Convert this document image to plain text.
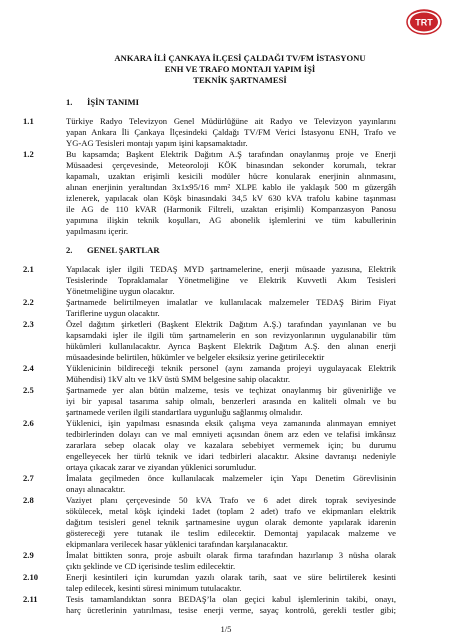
TRT
ANKARA İLİ ÇANKAYA İLÇESİ ÇALDAĞI TV/FM İSTASYONU
ENH VE TRAFO MONTAJI YAPIM İŞİ
TEKNİK ŞARTNAMESİ
1. İŞİN TANIMI
1.1	Türkiye Radyo Televizyon Genel Müdürlüğüne ait Radyo ve Televizyon yayınlarını
yapan Ankara İli Çankaya İlçesindeki Çaldağı TV/FM Verici İstasyonu ENH, Trafo ve
YG-AG Tesisleri montajı yapım işini kapsamaktadır.
1.2	Bu kapsamda; Başkent Elektrik Dağıtım A.Ş tarafından onaylanmış proje ve Enerji
Müsaadesi çerçevesinde, Meteoroloji KÖK binasından sekonder korumalı, tekrar
kapamalı, uzaktan erişimli kesicili modüler hücre konularak enerjinin alınmasını,
alınan enerjinin yeraltından 3x1x95/16 mm² XLPE kablo ile yaklaşık 500 m güzergâh
izlenerek, yapılacak olan Köşk binasındaki 34,5 kV 630 kVA trafolu kabine taşınması
ile AG de 110 kVAR (Harmonik Filtreli, uzaktan erişimli) Kompanzasyon Panosu
yapımına ilişkin teknik koşulları, AG abonelik işlemlerini ve tüm kabullerinin
yapılmasını içerir.
2. GENEL ŞARTLAR
2.1	Yapılacak işler ilgili TEDAŞ MYD şartnamelerine, enerji müsaade yazısına, Elektrik
Tesislerinde Topraklamalar Yönetmeliğine ve Elektrik Kuvvetli Akım Tesisleri
Yönetmeliğine uygun olacaktır.
2.2	Şartnamede belirtilmeyen imalatlar ve kullanılacak malzemeler TEDAŞ Birim Fiyat
Tariflerine uygun olacaktır.
2.3	Özel dağıtım şirketleri (Başkent Elektrik Dağıtım A.Ş.) tarafından yayınlanan ve bu
kapsamdaki işler ile ilgili tüm şartnamelerin en son revizyonlarının uygulanabilir tüm
hükümleri kullanılacaktır. Ayrıca Başkent Elektrik Dağıtım A.Ş. den alınan enerji
müsaadesinde belirtilen, hükümler ve belgeler eksiksiz yerine getirilecektir
2.4	Yüklenicinin bildireceği teknik personel (aynı zamanda projeyi uygulayacak Elektrik
Mühendisi) 1kV altı ve 1kV üstü SMM belgesine sahip olacaktır.
2.5	Şartnamede yer alan bütün malzeme, tesis ve teçhizat onaylanmış bir güvenirliğe ve
iyi bir yapısal tasarıma sahip olmalı, benzerleri arasında en kaliteli olmalı ve bu
şartnamede verilen ilgili standartlara uygunluğu sağlanmış olmalıdır.
2.6	Yüklenici, işin yapılması esnasında eksik çalışma veya zamanında alınmayan emniyet
tedbirlerinden dolayı can ve mal emniyeti açısından önem arz eden ve telafisi imkânsız
zararlara sebep olacak olay ve kazalara sebebiyet vermemek için; bu durumu
engelleyecek her türlü teknik ve idari tedbirleri alacaktır. Aksine davranışı nedeniyle
ortaya çıkacak zarar ve ziyandan yüklenici sorumludur.
2.7	İmalata geçilmeden önce kullanılacak malzemeler için Yapı Denetim Görevlisinin
onayı alınacaktır.
2.8	Vaziyet planı çerçevesinde 50 kVA Trafo ve 6 adet direk toprak seviyesinde
sökülecek, metal köşk içindeki 1adet (toplam 2 adet) trafo ve ekipmanları elektrik
dağıtım tesisleri genel teknik şartnamesine uygun olarak demonte yapılarak idarenin
göstereceği yere tutanak ile teslim edilecektir. Demontaj yapılacak malzeme ve
ekipmanlara verilecek hasar yüklenici tarafından karşılanacaktır.
2.9	İmalat bittikten sonra, proje asbuilt olarak firma tarafından hazırlanıp 3 nüsha olarak
çıktı şeklinde ve CD içerisinde teslim edilecektir.
2.10	Enerji kesintileri için kurumdan yazılı olarak tarih, saat ve süre belirtilerek kesinti
talep edilecek, kesinti süresi minimum tutulacaktır.
2.11	Tesis tamamlandıktan sonra BEDAŞ’la olan geçici kabul işlemlerinin takibi, onayı,
harç ücretlerinin yatırılması, tesise enerji verme, sayaç kontrolü, gerekli testler gibi;
1/5
